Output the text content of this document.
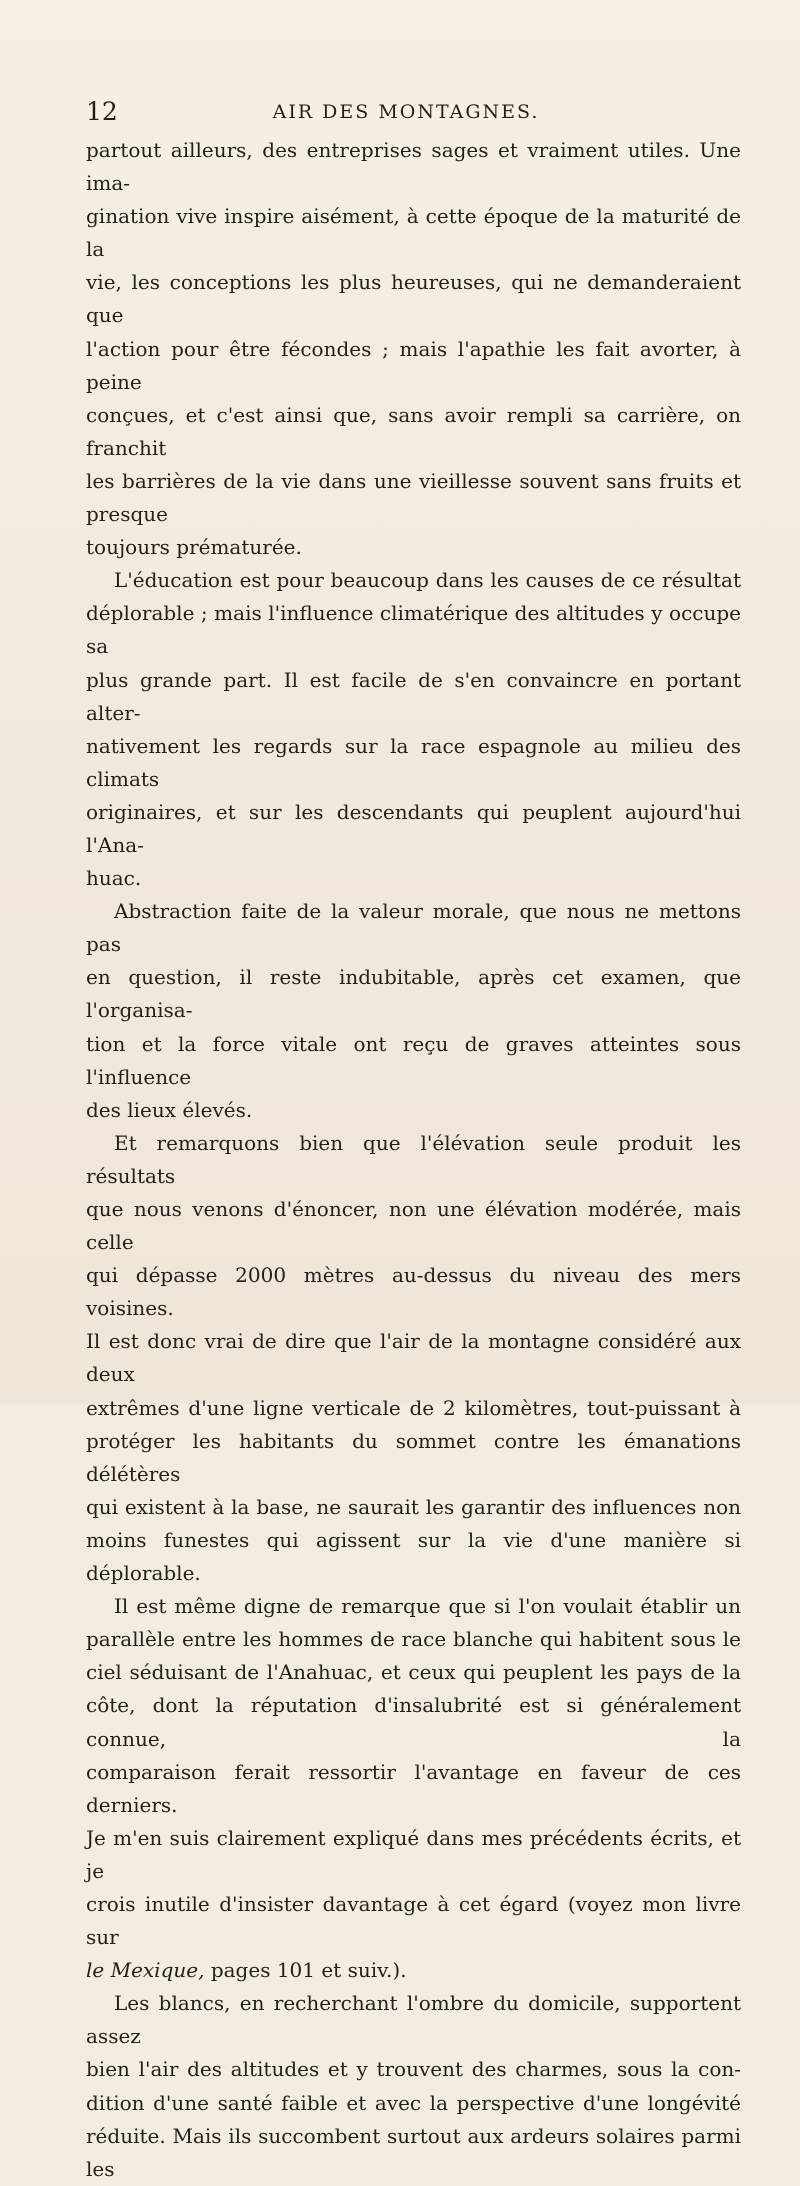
12	AIR DES MONTAGNES.

partout ailleurs, des entreprises sages et vraiment utiles. Une ima-

gination vive inspire aisément, à cette époque de la maturité de la

vie, les conceptions les plus heureuses, qui ne demanderaient que

l'action pour être fécondes ; mais l'apathie les fait avorter, à peine

conçues, et c'est ainsi que, sans avoir rempli sa carrière, on franchit

les barrières de la vie dans une vieillesse souvent sans fruits et presque

toujours prématurée.

L'éducation est pour beaucoup dans les causes de ce résultat

déplorable ; mais l'influence climatérique des altitudes y occupe sa

plus grande part. Il est facile de s'en convaincre en portant alter-

nativement les regards sur la race espagnole au milieu des climats

originaires, et sur les descendants qui peuplent aujourd'hui l'Ana-

huac.

Abstraction faite de la valeur morale, que nous ne mettons pas

en question, il reste indubitable, après cet examen, que l'organisa-

tion et la force vitale ont reçu de graves atteintes sous l'influence

des lieux élevés.

Et remarquons bien que l'élévation seule produit les résultats

que nous venons d'énoncer, non une élévation modérée, mais celle

qui dépasse 2000 mètres au-dessus du niveau des mers voisines.

Il est donc vrai de dire que l'air de la montagne considéré aux deux

extrêmes d'une ligne verticale de 2 kilomètres, tout-puissant à

protéger les habitants du sommet contre les émanations délétères

qui existent à la base, ne saurait les garantir des influences non

moins funestes qui agissent sur la vie d'une manière si déplorable.

Il est même digne de remarque que si l'on voulait établir un

parallèle entre les hommes de race blanche qui habitent sous le

ciel séduisant de l'Anahuac, et ceux qui peuplent les pays de la

côte, dont la réputation d'insalubrité est si généralement connue, la

comparaison ferait ressortir l'avantage en faveur de ces derniers.

Je m'en suis clairement expliqué dans mes précédents écrits, et je

crois inutile d'insister davantage à cet égard (voyez mon livre sur

le Mexique, pages 101 et suiv.).

Les blancs, en recherchant l'ombre du domicile, supportent assez

bien l'air des altitudes et y trouvent des charmes, sous la con-

dition d'une santé faible et avec la perspective d'une longévité

réduite. Mais ils succombent surtout aux ardeurs solaires parmi les
